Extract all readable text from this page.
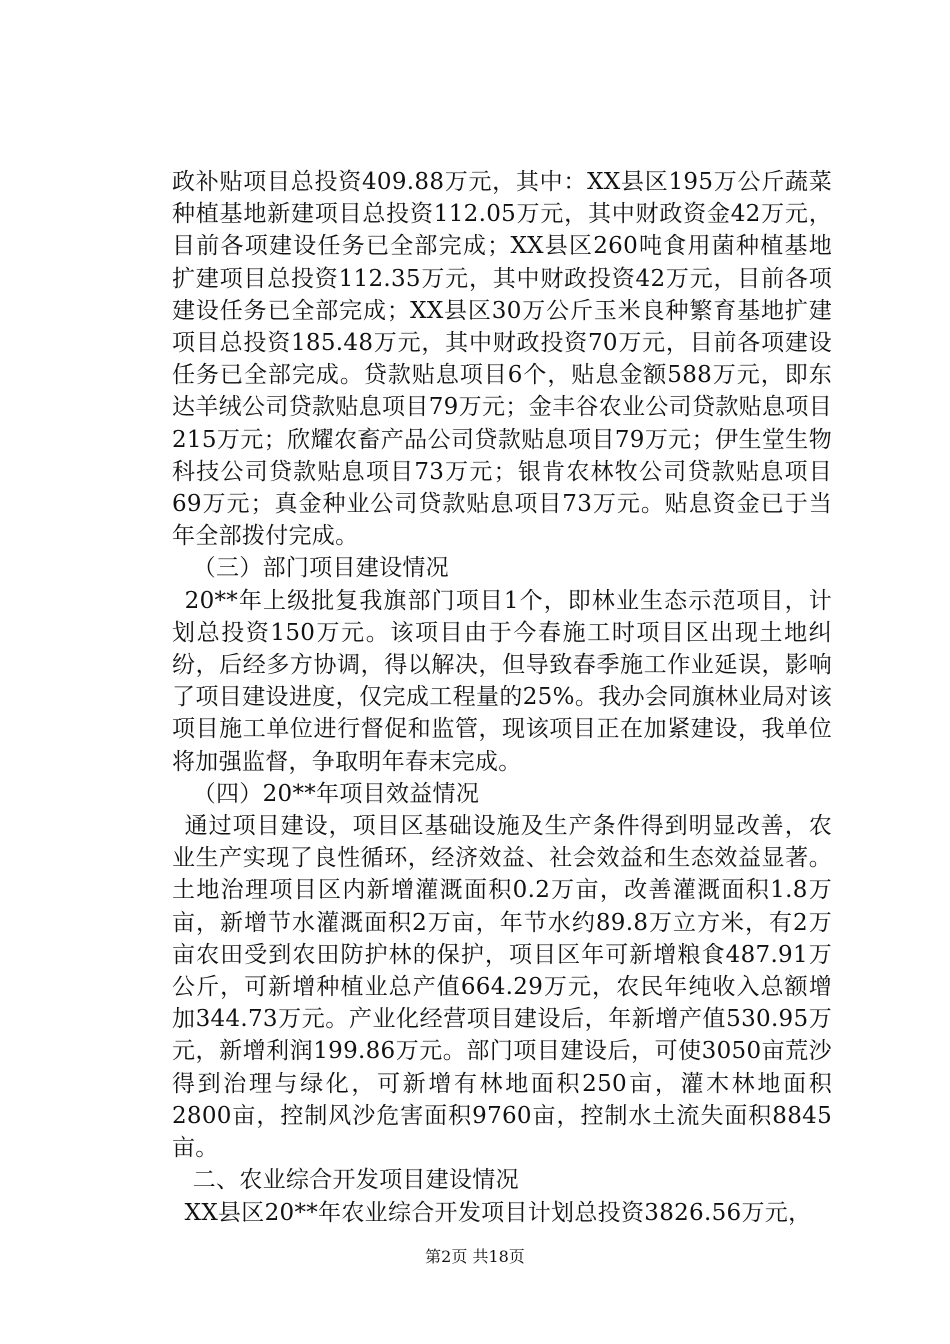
政补贴项目总投资409.88万元，其中：XX县区195万公斤蔬菜种植基地新建项目总投资112.05万元，其中财政资金42万元，目前各项建设任务已全部完成；XX县区260吨食用菌种植基地扩建项目总投资112.35万元，其中财政投资42万元，目前各项建设任务已全部完成；XX县区30万公斤玉米良种繁育基地扩建项目总投资185.48万元，其中财政投资70万元，目前各项建设任务已全部完成。贷款贴息项目6个，贴息金额588万元，即东达羊绒公司贷款贴息项目79万元；金丰谷农业公司贷款贴息项目215万元；欣耀农畜产品公司贷款贴息项目79万元；伊生堂生物科技公司贷款贴息项目73万元；银肯农林牧公司贷款贴息项目69万元；真金种业公司贷款贴息项目73万元。贴息资金已于当年全部拨付完成。

（三）部门项目建设情况

20**年上级批复我旗部门项目1个，即林业生态示范项目，计划总投资150万元。该项目由于今春施工时项目区出现土地纠纷，后经多方协调，得以解决，但导致春季施工作业延误，影响了项目建设进度，仅完成工程量的25%。我办会同旗林业局对该项目施工单位进行督促和监管，现该项目正在加紧建设，我单位将加强监督，争取明年春末完成。

（四）20**年项目效益情况

通过项目建设，项目区基础设施及生产条件得到明显改善，农业生产实现了良性循环，经济效益、社会效益和生态效益显著。土地治理项目区内新增灌溉面积0.2万亩，改善灌溉面积1.8万亩，新增节水灌溉面积2万亩，年节水约89.8万立方米，有2万亩农田受到农田防护林的保护，项目区年可新增粮食487.91万公斤，可新增种植业总产值664.29万元，农民年纯收入总额增加344.73万元。产业化经营项目建设后，年新增产值530.95万元，新增利润199.86万元。部门项目建设后，可使3050亩荒沙得到治理与绿化，可新增有林地面积250亩，灌木林地面积2800亩，控制风沙危害面积9760亩，控制水土流失面积8845亩。

二、农业综合开发项目建设情况

XX县区20**年农业综合开发项目计划总投资3826.56万元，

第2页 共18页
